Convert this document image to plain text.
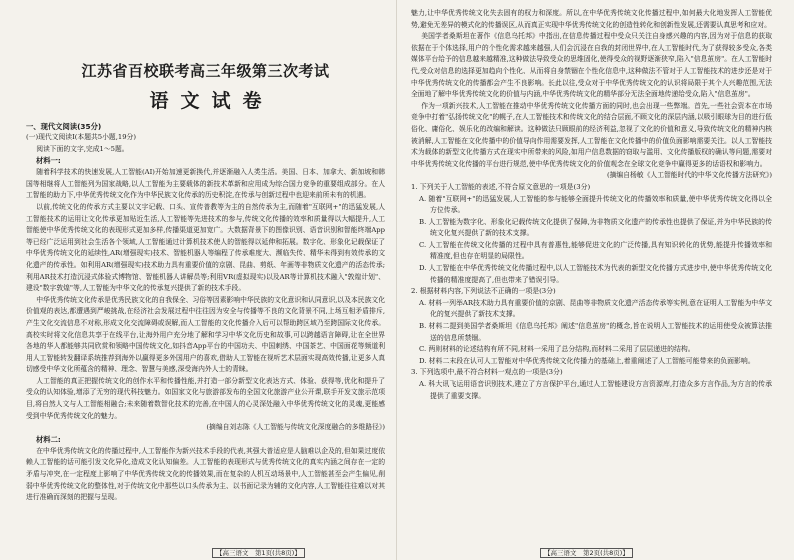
江苏省百校联考高三年级第三次考试
语文试卷
一、现代文阅读(35分)
(一)现代文阅读Ⅰ(本题共5小题,19分)
阅读下面的文字,完成1～5题。
材料一:

随着科学技术的快速发展,人工智能(AI)开始加速更新换代,并逐渐融入人类生活。美国、日本、加拿大、新加坡和韩国等相继将人工智能列为国家战略,以人工智能为主要载体的新技术革新和应用成为综合国力竞争的重要组成部分。在人工智能的助力下,中华优秀传统文化作为中华民族文化传承的历史积淀,在传承与创新过程中也迎来前所未有的机遇。

以前,传统文化的传承方式主要以文字记载、口头、宣传普教等为主的自然传承为主,而随着"互联网+"的迅猛发展,人工智能技术的运用让文化传承更加贴近生活,人工智能等先进技术的参与,传统文化传播的效率和质量得以大幅提升,人工智能使中华优秀传统文化的表现形式更加多样,传播渠道更加宽广。大数据背景下的图像识别、语音识别和智能终端App等已经广泛运用到社会生活各个领域,人工智能通过计算机技术使人的智能得以延伸和拓展。数字化、形象化记载保证了中华优秀传统文化的延续性,AR(增强现实)技术、智能机器人等编程了传承难度大、濒临失传、精华未得到有效传承的文化遗产的传承性。如利用AR(增强现实)技术助力具有重要价值的京剧、昆曲、剪纸、年画等非物质文化遗产的活态传承;利用AR技术打造沉浸式体验式博物馆、智能机器人讲解员等;利用VR(虚拟现实)以及AR等计算机技术融入"敦煌计划"、建设"数字敦煌"等,人工智能为中华文化的传承复兴提供了新的技术手段。

中华优秀传统文化传承是优秀民族文化的自我保全、习俗等因素影响中华民族的文化意识和认同意识,以及本民族文化价值观的表达,都遭遇到严峻挑战,在经济社会发展过程中往往因为安全与传播等不良的文化背景不同,上场互相矛盾排斥,产生文化交流信息不对称,形成文化交流障碍或误解,而人工智能的文化传播介入后可以帮助跨区域乃至跨国际文化传承。高校实时将文化信息共享于在线平台,让海外用户充分地了解和学习中华文化历史和故事,可以跨越语言障碍,让在全世界各地的华人都能够共同欣赏和领略中国传统文化,如抖音App平台的中国功夫、中国刺绣、中国茶艺、中国面花等频道利用人工智能转发翻译系统推荐到海外以赢得更多外国用户的喜欢,借助人工智能在视听艺术层面实现高效传播,让更多人真切感受中华文化所蕴含的精神、理念、智慧与美感,深受海内外人士的青睐。

人工智能的真正把握传统文化的创作水平和传播性能,并打造一部分新型文化表达方式、体验、获得等,优化和提升了受众的认知体验,增添了无穷的现代科技魅力。如国家文化与旅游部发布的全国文化旅游产业公开课,联手开发文旅示范项目,将自然人文与人工智能相融合;未来随着数智化技术的完善,在中国人的心灵深处融入中华优秀传统文化的灵魂,更能感受到中华优秀传统文化的魅力。

(摘编自刘志陈《人工智能与传统文化深度融合的多维路径》)
材料二:

在中华优秀传统文化的传播过程中,人工智能作为新兴技术手段的代表,其强大普适应是人脑难以企及的,但如果过度依赖人工智能的话可能引发文化异化,造成文化认知偏差。人工智能的表现形式与优秀传统文化的真实内涵之间存在一定的矛盾与冲突,在一定程度上影响了中华优秀传统文化的传播效果,而在复杂的人机互动场景中,人工智能甚至会产生偏见,削弱中华优秀传统文化的整体性,对于传统文化中那些以口头传承为主、以书面记录为辅的文化内容,人工智能往往难以对其进行准确而深刻的把握与呈现。

魅力,让中华优秀传统文化失去固有的权力和深度。所以,在中华优秀传统文化传播过程中,如何最大化地发挥人工智能优势,避免无差异的模式化的传播误区,从而真正实现中华优秀传统文化的创造性转化和创新性发展,还需要认真思考和应对。

美国学者桑斯坦在著作《信息乌托邦》中指出,在信息传播过程中受众只关注自身感兴趣的内容,因为对于信息的获取依据在于个体选择,用户的个性化需求越来越强,人们会沉浸在自我的封闭世界中,在人工智能时代,为了获得较多受众,各类媒体平台给予的信息越来越精准,这种做法导致受众的思维固化,使得受众的视野逐渐狭窄,陷入"信息茧房"。在人工智能时代,受众对信息的选择更加趋向个性化、从而将自身禁锢在个性化信息中,这种做法不管对于人工智能技术的进步还是对于中华优秀传统文化的传播都会产生不良影响。长此以往,受众对于中华优秀传统文化的认识将局限于其个人兴趣范围,无法全面地了解中华优秀传统文化的价值与内涵,中华优秀传统文化的精华部分无法全面地传递给受众,陷入"信息茧房"。

作为一项新兴技术,人工智能在推动中华优秀传统文化传播方面的同时,也会出现一些弊端。首先,一些社会资本在市场竞争中打着"弘扬传统文化"的幌子,在人工智能技术和传统文化的结合层面,不顾文化的深层内涵,以吸引眼球为目的进行低俗化、庸俗化、娱乐化的改编和解读。这种做法只顾眼前的经济利益,忽视了文化的价值和意义,导致传统文化的精神内核被消解,人工智能在文化传播中的价值导向作用需要发挥,人工智能在文化传播中的价值负面影响需要关注。以人工智能技术为载体的新型文化传播方式在现实中所带来的风险,如用户信息数据的窃取与滥用、文化传播版权的确认等问题,需要对中华优秀传统文化传播的平台进行规范,使中华优秀传统文化的价值观念在全球文化竞争中赢得更多的话语权和影响力。

(摘编自杨敏《人工智能时代的中华文化传播方法研究》)

1. 下列关于人工智能的表述,不符合原文意思的一项是(3分)

A. 随着"互联网+"的迅猛发展,人工智能的参与能够全面提升传统文化的传播效率和质量,使中华优秀传统文化得以全方位传承。

B. 人工智能为数字化、形象化记载传统文化提供了保障,为非物质文化遗产的传承性也提供了保证,并为中华民族的传统文化复兴提供了新的技术支撑。

C. 人工智能在传统文化传播的过程中具有普惠性,能够促进文化的广泛传播,具有知识转化的优势,能提升传播效率和精准度,但也存在明显的局限性。

D. 人工智能在中华优秀传统文化传播过程中,以人工智能技术为代表的新型文化传播方式进步中,使中华优秀传统文化传播的精准度提高了,但也带来了错误引导。

2. 根据材料内容,下列说法不正确的一项是(3分)

A. 材料一列举AR技术助力具有重要价值的京剧、昆曲等非物质文化遗产活态传承等实例,意在证明人工智能为中华文化的复兴提供了新技术支撑。

B. 材料二提到美国学者桑斯坦《信息乌托邦》阐述"信息茧房"的概念,旨在说明人工智能技术的运用使受众被算法推送的信息所禁锢。

C. 两则材料的论述结构有所不同,材料一采用了总分结构,而材料二采用了层层递进的结构。

D. 材料二末段在认可人工智能对中华优秀传统文化传播力的基础上,着重阐述了人工智能可能带来的负面影响。

3. 下列选项中,最不符合材料一观点的一项是(3分)

A. 科大讯飞运用语音识别技术,建立了方言保护平台,通过人工智能建设方言资源库,打造众多方言作品,为方言的传承提供了重要支撑。

【高三语文　第1页(共8页)】	【高三语文　第2页(共8页)】
